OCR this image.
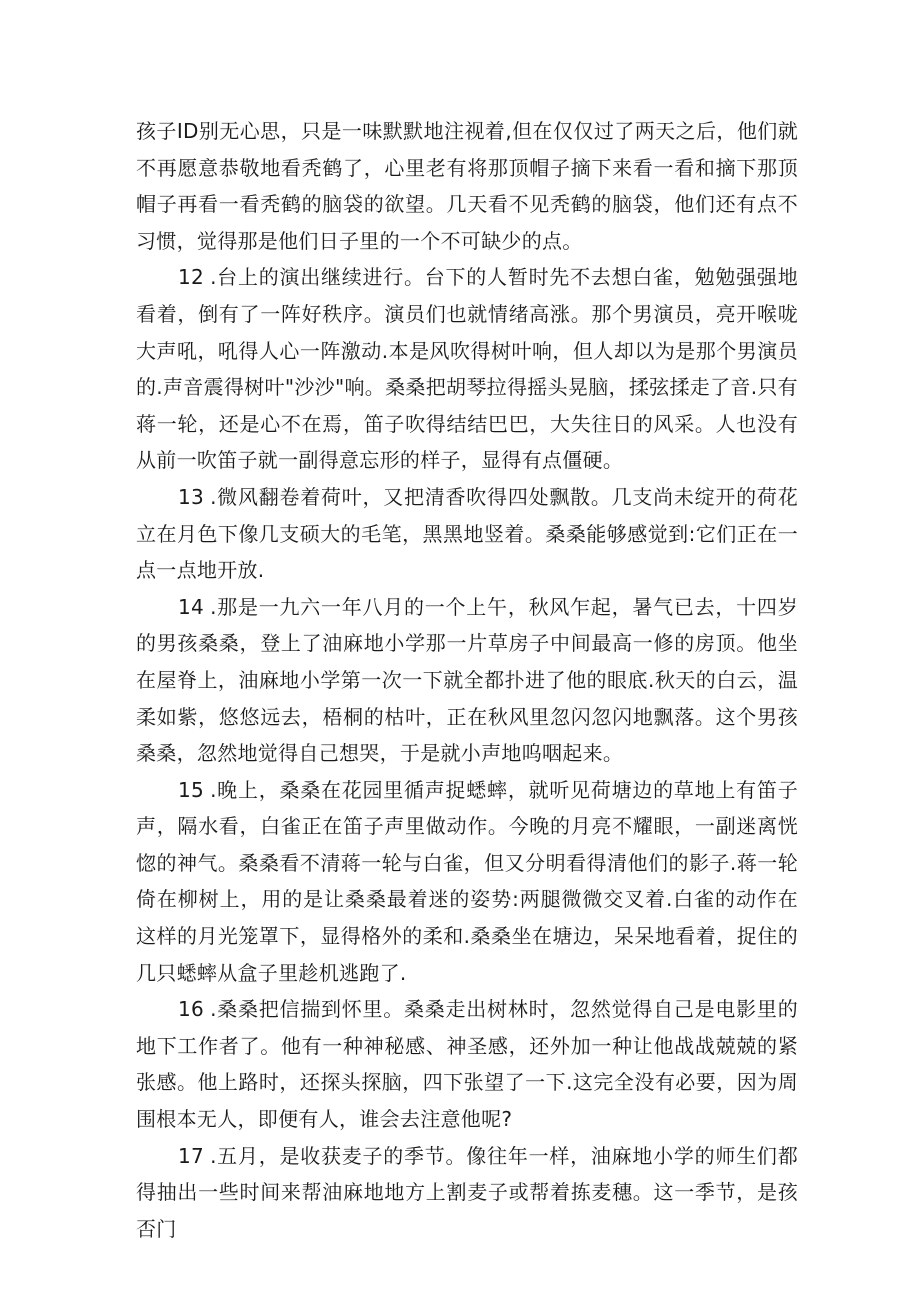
孩子ID别无心思，只是一味默默地注视着,但在仅仅过了两天之后，他们就不再愿意恭敬地看秃鹤了，心里老有将那顶帽子摘下来看一看和摘下那顶帽子再看一看秃鹤的脑袋的欲望。几天看不见秃鹤的脑袋，他们还有点不习惯，觉得那是他们日子里的一个不可缺少的点。

12 .台上的演出继续进行。台下的人暂时先不去想白雀，勉勉强强地看着，倒有了一阵好秩序。演员们也就情绪高涨。那个男演员，亮开喉咙大声吼，吼得人心一阵激动.本是风吹得树叶响，但人却以为是那个男演员的.声音震得树叶"沙沙"响。桑桑把胡琴拉得摇头晃脑，揉弦揉走了音.只有蒋一轮，还是心不在焉，笛子吹得结结巴巴，大失往日的风采。人也没有从前一吹笛子就一副得意忘形的样子，显得有点僵硬。

13 .微风翻卷着荷叶，又把清香吹得四处飘散。几支尚未绽开的荷花立在月色下像几支硕大的毛笔，黑黑地竖着。桑桑能够感觉到:它们正在一点一点地开放.

14 .那是一九六一年八月的一个上午，秋风乍起，暑气已去，十四岁的男孩桑桑，登上了油麻地小学那一片草房子中间最高一修的房顶。他坐在屋脊上，油麻地小学第一次一下就全都扑进了他的眼底.秋天的白云，温柔如紫，悠悠远去，梧桐的枯叶，正在秋风里忽闪忽闪地飘落。这个男孩桑桑，忽然地觉得自己想哭，于是就小声地呜咽起来。

15 .晚上，桑桑在花园里循声捉蟋蟀，就听见荷塘边的草地上有笛子声，隔水看，白雀正在笛子声里做动作。今晚的月亮不耀眼，一副迷离恍惚的神气。桑桑看不清蒋一轮与白雀，但又分明看得清他们的影子.蒋一轮倚在柳树上，用的是让桑桑最着迷的姿势:两腿微微交叉着.白雀的动作在这样的月光笼罩下，显得格外的柔和.桑桑坐在塘边，呆呆地看着，捉住的几只蟋蟀从盒子里趁机逃跑了.

16 .桑桑把信揣到怀里。桑桑走出树林时，忽然觉得自己是电影里的地下工作者了。他有一种神秘感、神圣感，还外加一种让他战战兢兢的紧张感。他上路时，还探头探脑，四下张望了一下.这完全没有必要，因为周围根本无人，即便有人，谁会去注意他呢?

17 .五月，是收获麦子的季节。像往年一样，油麻地小学的师生们都得抽出一些时间来帮油麻地地方上割麦子或帮着拣麦穗。这一季节，是孩否门
